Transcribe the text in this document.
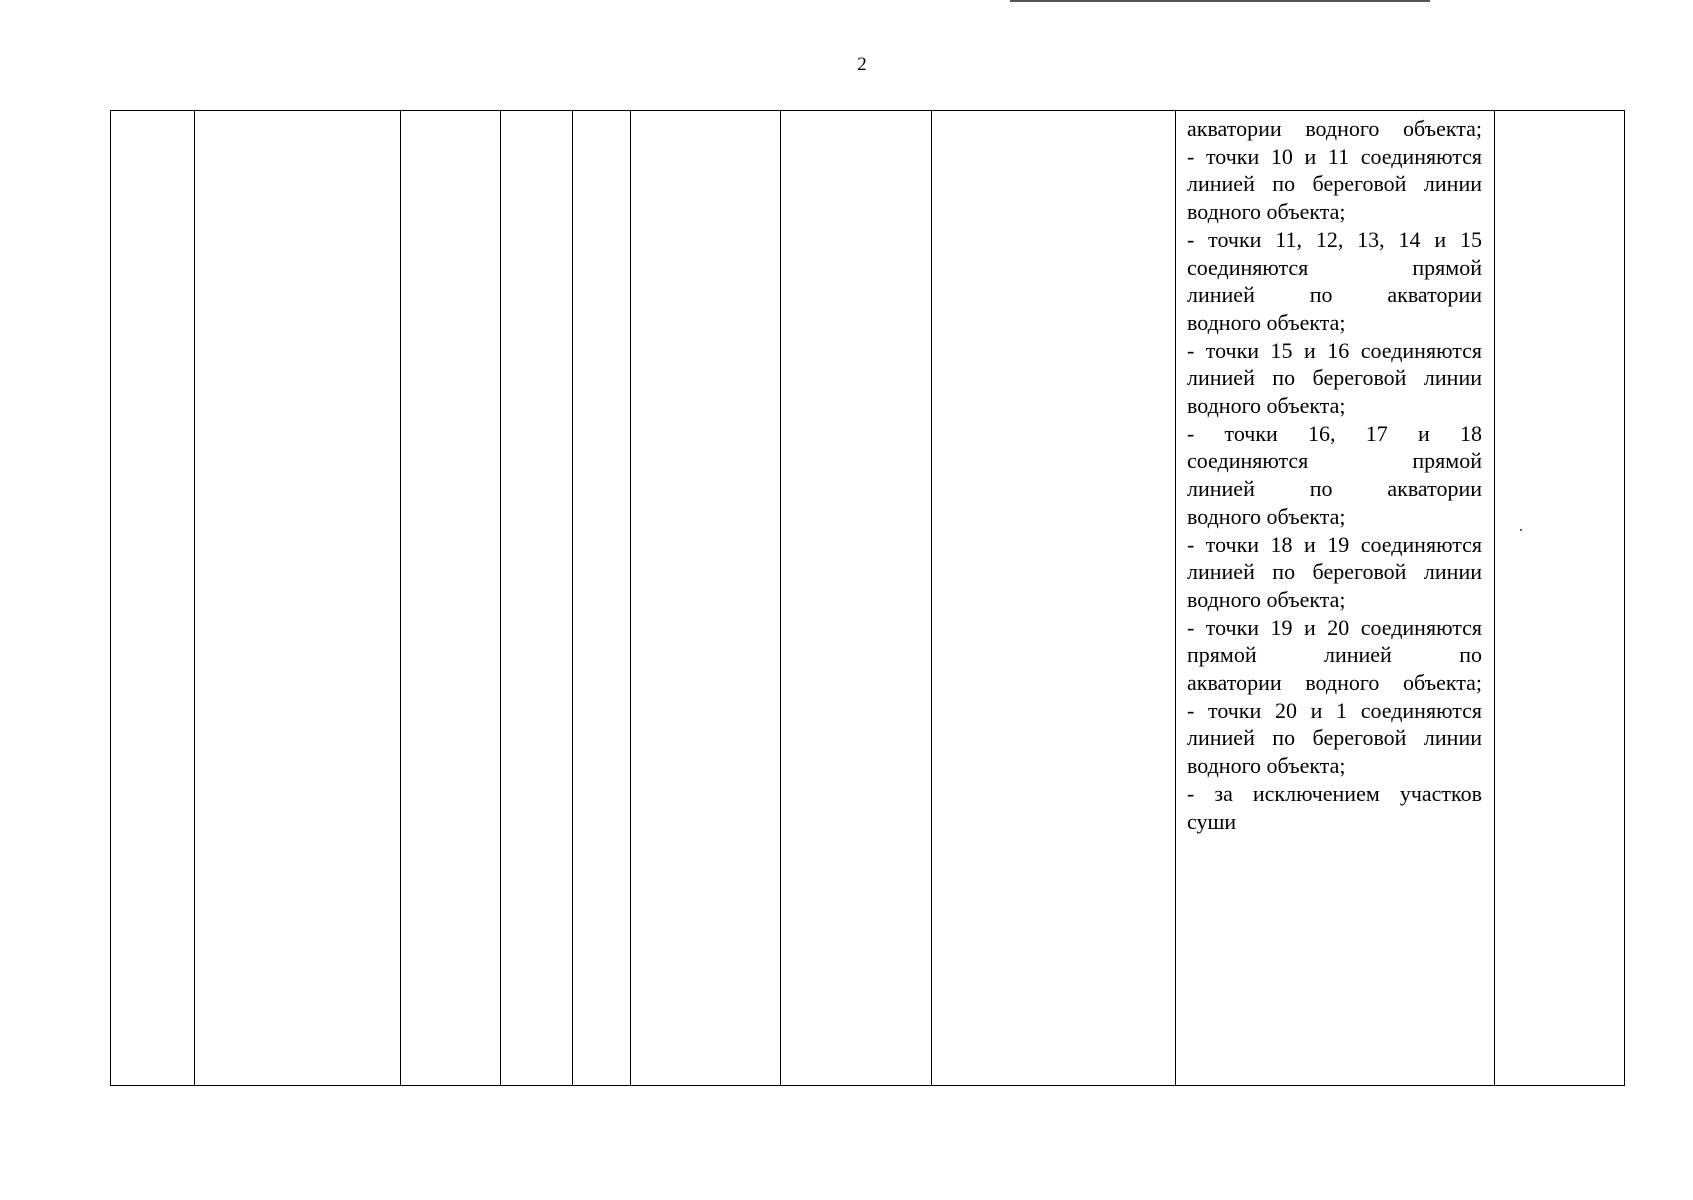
2

акватории водного объекта;
- точки 10 и 11 соединяются
линией по береговой линии
водного объекта;
- точки 11, 12, 13, 14 и 15
соединяются прямой
линией по акватории
водного объекта;
- точки 15 и 16 соединяются
линией по береговой линии
водного объекта;
- точки 16, 17 и 18
соединяются прямой
линией по акватории
водного объекта;
- точки 18 и 19 соединяются
линией по береговой линии
водного объекта;
- точки 19 и 20 соединяются
прямой линией по
акватории водного объекта;
- точки 20 и 1 соединяются
линией по береговой линии
водного объекта;
- за исключением участков
суши
